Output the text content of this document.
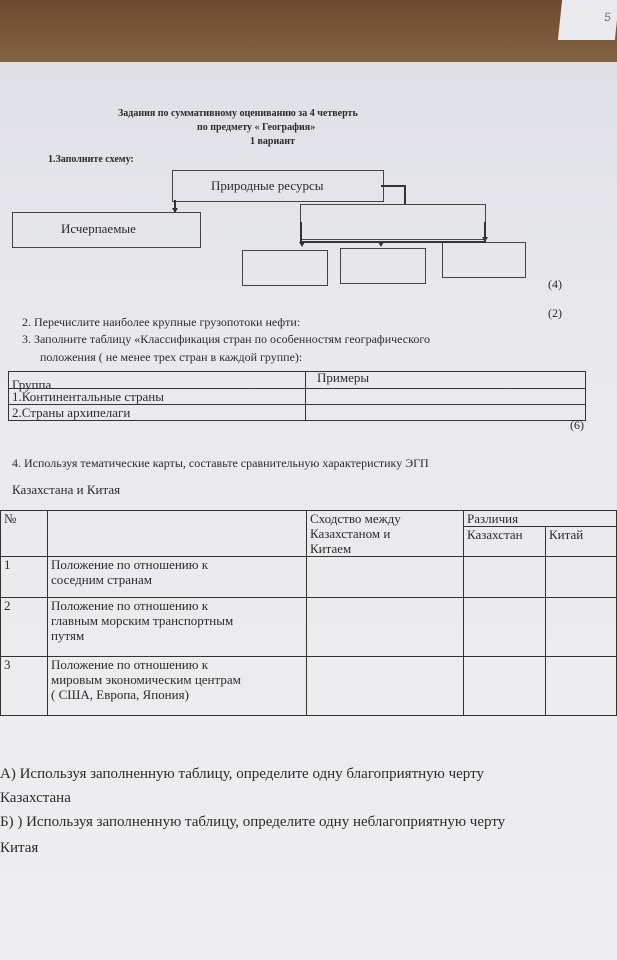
5
Задания по суммативному оцениванию за 4 четверть
по предмету « География»
1 вариант
1.Заполните схему:
Природные ресурсы
Исчерпаемые
(4)
(2)
2. Перечислите наиболее крупные грузопотоки нефти:
3. Заполните таблицу «Классификация стран по особенностям географического
положения ( не менее трех стран в каждой группе):
Группа	Примеры
1.Континентальные страны	
2.Страны архипелаги	
(6)
4. Используя тематические карты, составьте сравнительную характеристику ЭГП
Казахстана и Китая
№		Сходство между
Казахстаном и
Китаем	Различия	
			Казахстан	Китай
1	Положение по отношению к
соседним странам			

2	Положение по отношению к
главным морским транспортным
путям			

3	Положение по отношению к
мировым экономическим центрам
( США, Европа, Япония)			

А) Используя заполненную таблицу, определите одну благоприятную черту
Казахстана
Б) ) Используя заполненную таблицу, определите одну неблагоприятную черту
Китая
